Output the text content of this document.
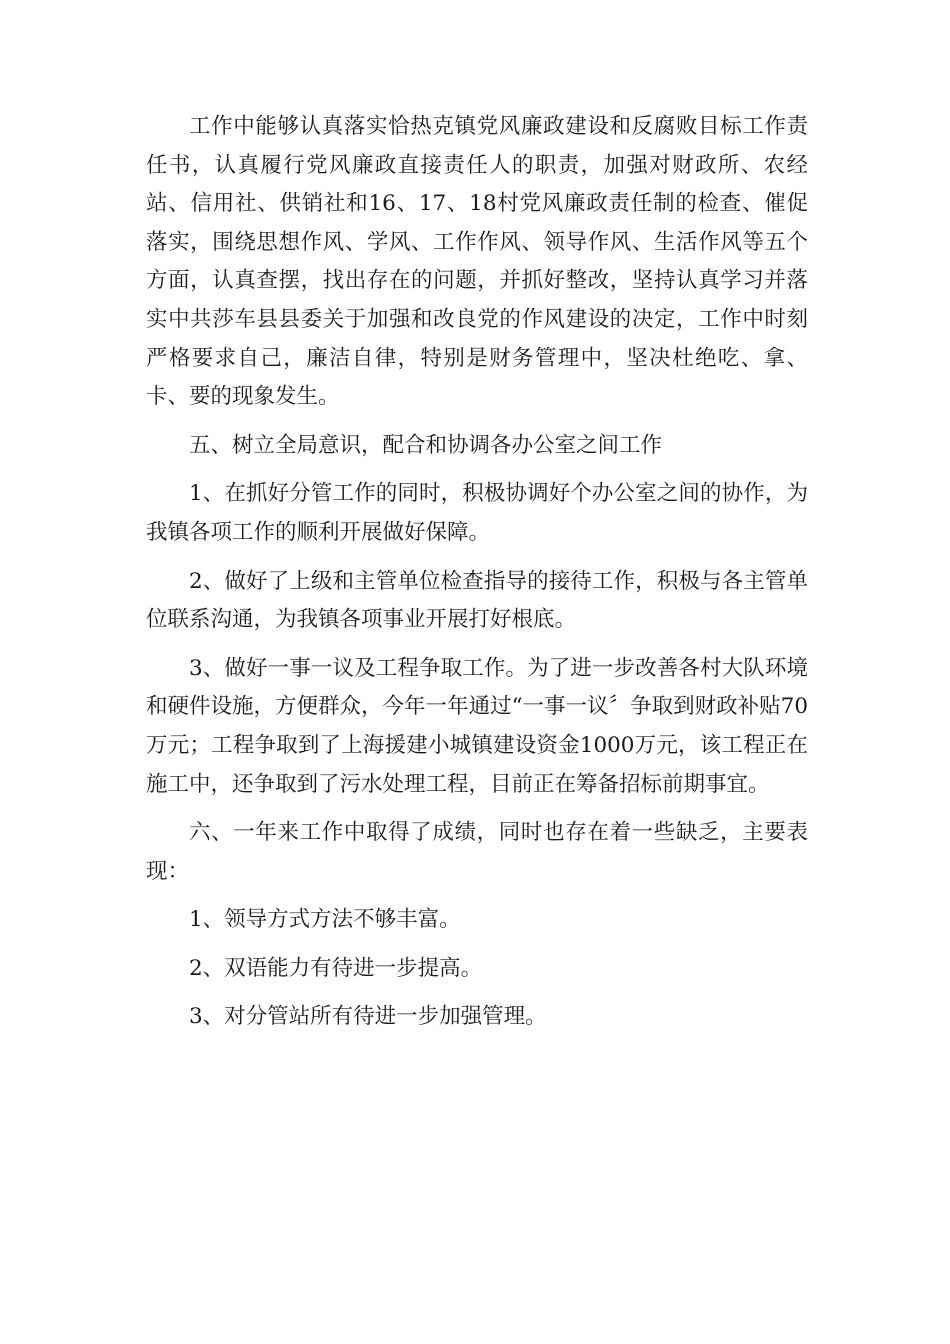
工作中能够认真落实恰热克镇党风廉政建设和反腐败目标工作责任书，认真履行党风廉政直接责任人的职责，加强对财政所、农经站、信用社、供销社和16、17、18村党风廉政责任制的检查、催促落实，围绕思想作风、学风、工作作风、领导作风、生活作风等五个方面，认真查摆，找出存在的问题，并抓好整改，坚持认真学习并落实中共莎车县县委关于加强和改良党的作风建设的决定，工作中时刻严格要求自己，廉洁自律，特别是财务管理中，坚决杜绝吃、拿、卡、要的现象发生。

五、树立全局意识，配合和协调各办公室之间工作

1、在抓好分管工作的同时，积极协调好个办公室之间的协作，为我镇各项工作的顺利开展做好保障。

2、做好了上级和主管单位检查指导的接待工作，积极与各主管单位联系沟通，为我镇各项事业开展打好根底。

3、做好一事一议及工程争取工作。为了进一步改善各村大队环境和硬件设施，方便群众，今年一年通过“一事一议〞争取到财政补贴70万元；工程争取到了上海援建小城镇建设资金1000万元，该工程正在施工中，还争取到了污水处理工程，目前正在筹备招标前期事宜。

六、一年来工作中取得了成绩，同时也存在着一些缺乏，主要表现：

1、领导方式方法不够丰富。

2、双语能力有待进一步提高。

3、对分管站所有待进一步加强管理。
